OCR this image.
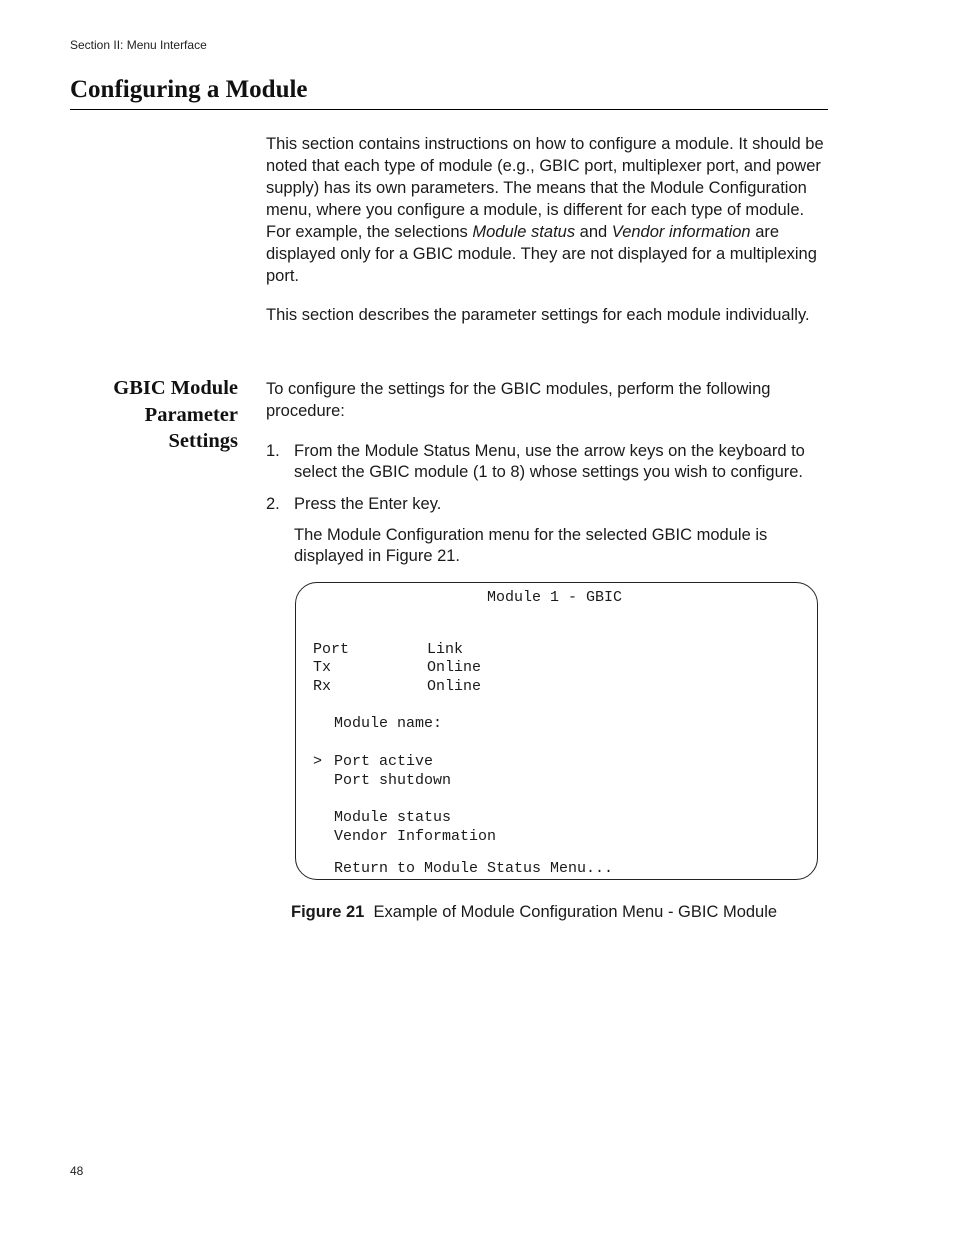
Section II: Menu Interface
Configuring a Module

This section contains instructions on how to configure a module. It should be noted that each type of module (e.g., GBIC port, multiplexer port, and power supply) has its own parameters. The means that the Module Configuration menu, where you configure a module, is different for each type of module. For example, the selections Module status and Vendor information are displayed only for a GBIC module. They are not displayed for a multiplexing port.

This section describes the parameter settings for each module individually.

GBIC Module
Parameter
Settings

To configure the settings for the GBIC modules, perform the following procedure:

1. From the Module Status Menu, use the arrow keys on the keyboard to select the GBIC module (1 to 8) whose settings you wish to configure.
2. Press the Enter key.

The Module Configuration menu for the selected GBIC module is displayed in Figure 21.

Module 1 - GBIC
Port	Link
Tx	Online
Rx	Online
Module name:
> Port active
Port shutdown
Module status
Vendor Information
Return to Module Status Menu...
Figure 21 Example of Module Configuration Menu - GBIC Module
48
